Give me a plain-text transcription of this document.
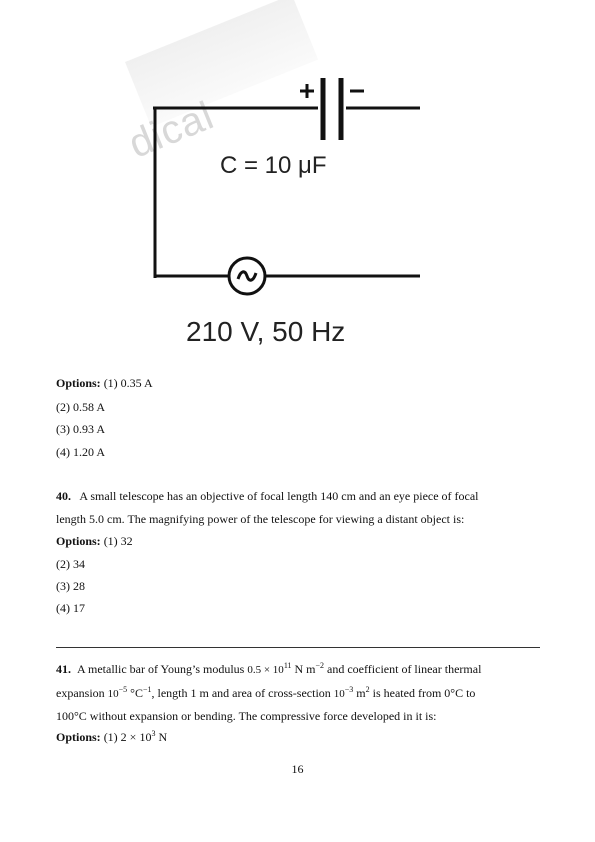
dical C = 10 μF
210 V, 50 Hz
Options: (1) 0.35 A
(2) 0.58 A
(3) 0.93 A
(4) 1.20 A
40. A small telescope has an objective of focal length 140 cm and an eye piece of focal
length 5.0 cm. The magnifying power of the telescope for viewing a distant object is:
Options: (1) 32
(2) 34
(3) 28
(4) 17
41. A metallic bar of Young’s modulus $0.5 \times 10^{11}$ N $m^{-2}$ and coefficient of linear thermal
expansion $10^{-5}$ $^\circ C^{-1}$, length 1 m and area of cross-section $10^{-3}$ $m^2$ is heated from 0°C to
100°C without expansion or bending. The compressive force developed in it is:
Options: (1) $2 \times 10^3$ N
16
